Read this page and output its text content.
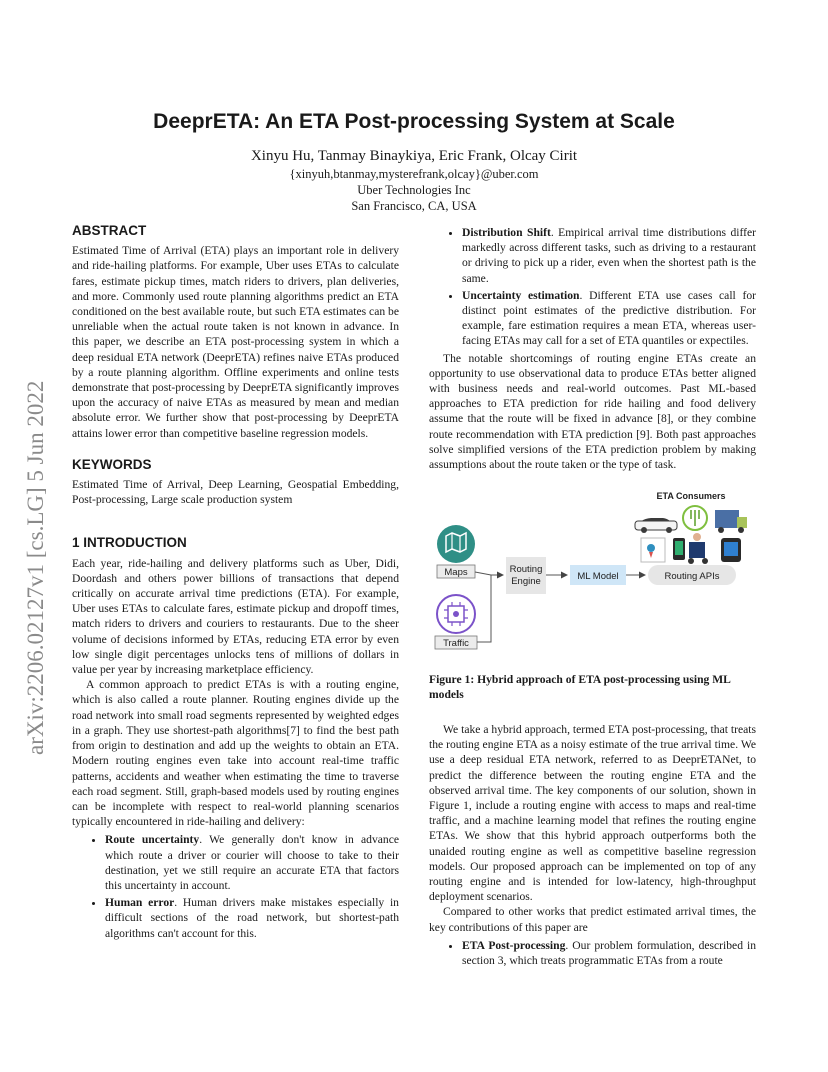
arXiv:2206.02127v1 [cs.LG] 5 Jun 2022
DeeprETA: An ETA Post-processing System at Scale
Xinyu Hu, Tanmay Binaykiya, Eric Frank, Olcay Cirit
{xinyuh,btanmay,mysterefrank,olcay}@uber.com
Uber Technologies Inc
San Francisco, CA, USA

ABSTRACT

Estimated Time of Arrival (ETA) plays an important role in delivery and ride-hailing platforms. For example, Uber uses ETAs to calculate fares, estimate pickup times, match riders to drivers, plan deliveries, and more. Commonly used route planning algorithms predict an ETA conditioned on the best available route, but such ETA estimates can be unreliable when the actual route taken is not known in advance. In this paper, we describe an ETA post-processing system in which a deep residual ETA network (DeeprETA) refines naive ETAs produced by a route planning algorithm. Offline experiments and online tests demonstrate that post-processing by DeeprETA significantly improves upon the accuracy of naive ETAs as measured by mean and median absolute error. We further show that post-processing by DeeprETA attains lower error than competitive baseline regression models.

KEYWORDS

Estimated Time of Arrival, Deep Learning, Geospatial Embedding, Post-processing, Large scale production system

1 INTRODUCTION

Each year, ride-hailing and delivery platforms such as Uber, Didi, Doordash and others power billions of transactions that depend critically on accurate arrival time predictions (ETA). For example, Uber uses ETAs to calculate fares, estimate pickup and dropoff times, match riders to drivers and couriers to restaurants. Due to the sheer volume of decisions informed by ETAs, reducing ETA error by even low single digit percentages unlocks tens of millions of dollars in value per year by increasing marketplace efficiency.

A common approach to predict ETAs is with a routing engine, which is also called a route planner. Routing engines divide up the road network into small road segments represented by weighted edges in a graph. They use shortest-path algorithms[7] to find the best path from origin to destination and add up the weights to obtain an ETA. Modern routing engines even take into account real-time traffic patterns, accidents and weather when estimating the time to traverse each road segment. Still, graph-based models used by routing engines can be incomplete with respect to real-world planning scenarios typically encountered in ride-hailing and delivery:

• Route uncertainty. We generally don't know in advance which route a driver or courier will choose to take to their destination, yet we still require an accurate ETA that factors this uncertainty in account.
• Human error. Human drivers make mistakes especially in difficult sections of the road network, but shortest-path algorithms can't account for this.
• Distribution Shift. Empirical arrival time distributions differ markedly across different tasks, such as driving to a restaurant or driving to pick up a rider, even when the shortest path is the same.
• Uncertainty estimation. Different ETA use cases call for distinct point estimates of the predictive distribution. For example, fare estimation requires a mean ETA, whereas user-facing ETAs may call for a set of ETA quantiles or expectiles.

The notable shortcomings of routing engine ETAs create an opportunity to use observational data to produce ETAs better aligned with business needs and real-world outcomes. Past ML-based approaches to ETA prediction for ride hailing and food delivery assume that the route will be fixed in advance [8], or they combine route recommendation with ETA prediction [9]. Both past approaches solve simplified versions of the ETA prediction problem by making assumptions about the route taken or the type of task.

ETA Consumers
Maps
Traffic
Routing
Engine	ML Model	Routing APIs
Figure 1: Hybrid approach of ETA post-processing using ML models

We take a hybrid approach, termed ETA post-processing, that treats the routing engine ETA as a noisy estimate of the true arrival time. We use a deep residual ETA network, referred to as DeeprETANet, to predict the difference between the routing engine ETA and the observed arrival time. The key components of our solution, shown in Figure 1, include a routing engine with access to maps and real-time traffic, and a machine learning model that refines the routing engine ETAs. We show that this hybrid approach outperforms both the unaided routing engine as well as competitive baseline regression models. Our proposed approach can be implemented on top of any routing engine and is intended for low-latency, high-throughput deployment scenarios.

Compared to other works that predict estimated arrival times, the key contributions of this paper are

• ETA Post-processing. Our problem formulation, described in section 3, which treats programmatic ETAs from a route
